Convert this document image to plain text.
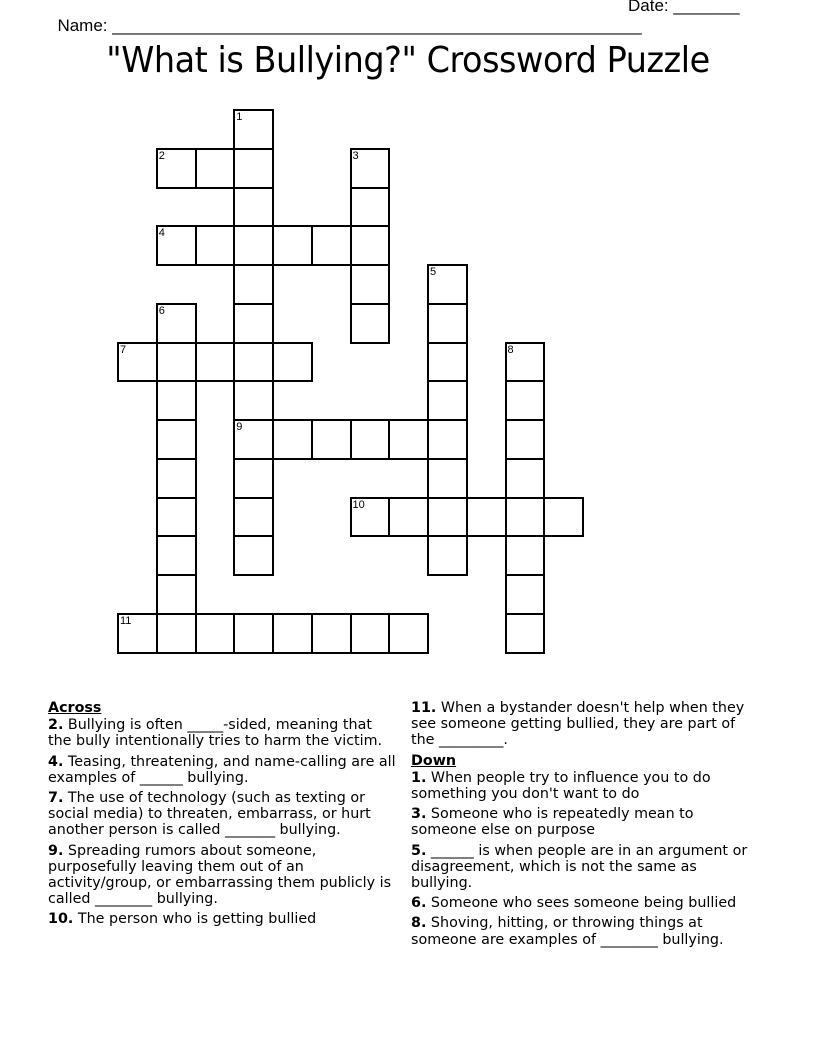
Name: ________________________________________________________

Date: _______

"What is Bullying?" Crossword Puzzle
1
9
2	3
4
5
6
7	8
10
11
Across
2. Bullying is often _____-sided, meaning that the bully intentionally tries to harm the victim.
4. Teasing, threatening, and name-calling are all examples of ______ bullying.
7. The use of technology (such as texting or social media) to threaten, embarrass, or hurt another person is called _______ bullying.
9. Spreading rumors about someone, purposefully leaving them out of an activity/group, or embarrassing them publicly is called ________ bullying.
10. The person who is getting bullied
11. When a bystander doesn't help when they see someone getting bullied, they are part of the _________.
Down
1. When people try to influence you to do something you don't want to do
3. Someone who is repeatedly mean to someone else on purpose
5. ______ is when people are in an argument or disagreement, which is not the same as bullying.
6. Someone who sees someone being bullied
8. Shoving, hitting, or throwing things at someone are examples of ________ bullying.
